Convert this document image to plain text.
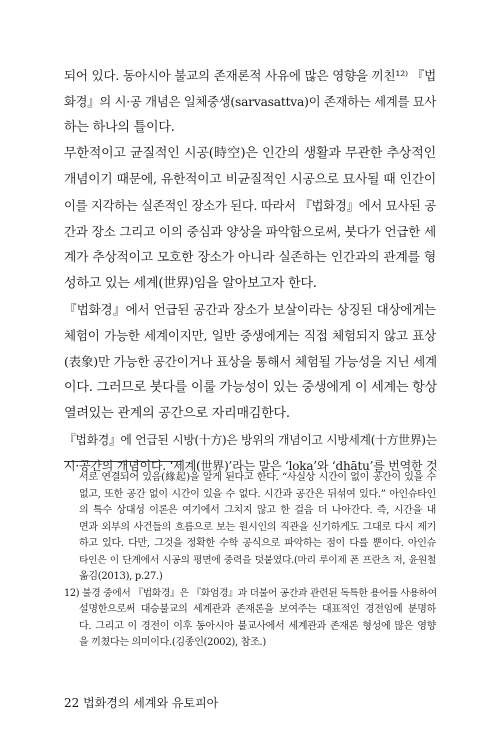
되어 있다. 동아시아 불교의 존재론적 사유에 많은 영향을 끼친¹²⁾ 『법
화경』의 시·공 개념은 일체중생(sarvasattva)이 존재하는 세계를 묘사
하는 하나의 틀이다.
무한적이고 균질적인 시공(時空)은 인간의 생활과 무관한 추상적인
개념이기 때문에, 유한적이고 비균질적인 시공으로 묘사될 때 인간이
이를 지각하는 실존적인 장소가 된다. 따라서 『법화경』에서 묘사된 공
간과 장소 그리고 이의 중심과 양상을 파악함으로써, 붓다가 언급한 세
계가 추상적이고 모호한 장소가 아니라 실존하는 인간과의 관계를 형
성하고 있는 세계(世界)임을 알아보고자 한다.
『법화경』에서 언급된 공간과 장소가 보살이라는 상징된 대상에게는
체험이 가능한 세계이지만, 일반 중생에게는 직접 체험되지 않고 표상
(表象)만 가능한 공간이거나 표상을 통해서 체험될 가능성을 지닌 세계
이다. 그러므로 붓다를 이룰 가능성이 있는 중생에게 이 세계는 항상
열려있는 관계의 공간으로 자리매김한다.
『법화경』에 언급된 시방(十方)은 방위의 개념이고 시방세계(十方世界)는
시·공간의 개념이다. ‘세계(世界)’라는 말은 ‘loka’와 ‘dhātu’를 번역한 것
서로 연결되어 있음(緣起)을 알게 된다고 한다. “사실상 시간이 없이 공간이 있을 수
없고, 또한 공간 없이 시간이 있을 수 없다. 시간과 공간은 뒤섞여 있다.” 아인슈타인
의 특수 상대성 이론은 여기에서 그치지 않고 한 걸음 더 나아간다. 즉, 시간을 내
면과 외부의 사건들의 흐름으로 보는 원시인의 직관을 신기하게도 그대로 다시 제기
하고 있다. 다만, 그것을 정확한 수학 공식으로 파악하는 점이 다를 뿐이다. 아인슈
타인은 이 단계에서 시공의 평면에 중력을 덧붙였다.(마리 루이제 폰 프란츠 저, 윤원철
옮김(2013), p.27.)
12) 불경 중에서 『법화경』은 『화엄경』과 더불어 공간과 관련된 독특한 용어를 사용하여
설명한으로써 대승불교의 세계관과 존재론을 보여주는 대표적인 경전임에 분명하
다. 그리고 이 경전이 이후 동아시아 불교사에서 세계관과 존재론 형성에 많은 영향
을 끼쳤다는 의미이다.(김종인(2002), 참조.)
22 법화경의 세계와 유토피아
